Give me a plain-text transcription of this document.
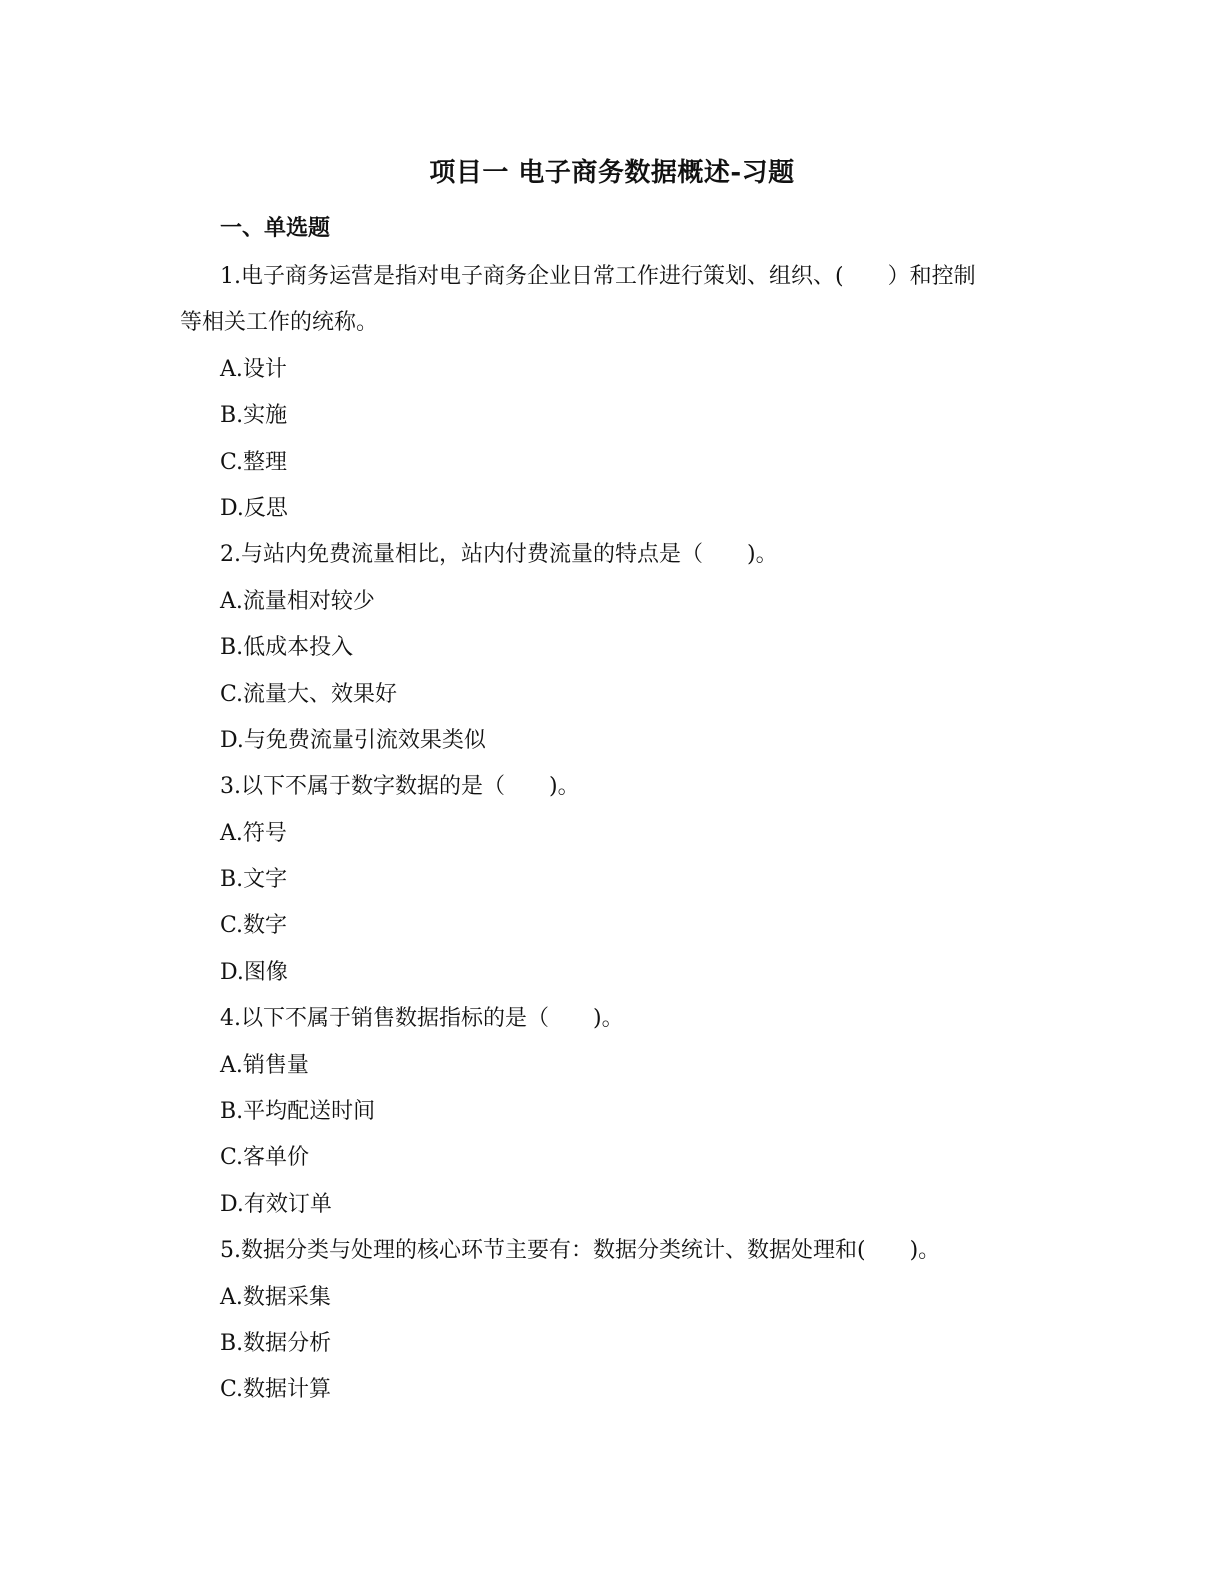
项目一 电子商务数据概述-习题
一、单选题

1.电子商务运营是指对电子商务企业日常工作进行策划、组织、(　　）和控制

等相关工作的统称。

A.设计

B.实施

C.整理

D.反思

2.与站内免费流量相比，站内付费流量的特点是（　　)。

A.流量相对较少

B.低成本投入

C.流量大、效果好

D.与免费流量引流效果类似

3.以下不属于数字数据的是（　　)。

A.符号

B.文字

C.数字

D.图像

4.以下不属于销售数据指标的是（　　)。

A.销售量

B.平均配送时间

C.客单价

D.有效订单

5.数据分类与处理的核心环节主要有：数据分类统计、数据处理和(　　)。

A.数据采集

B.数据分析

C.数据计算
